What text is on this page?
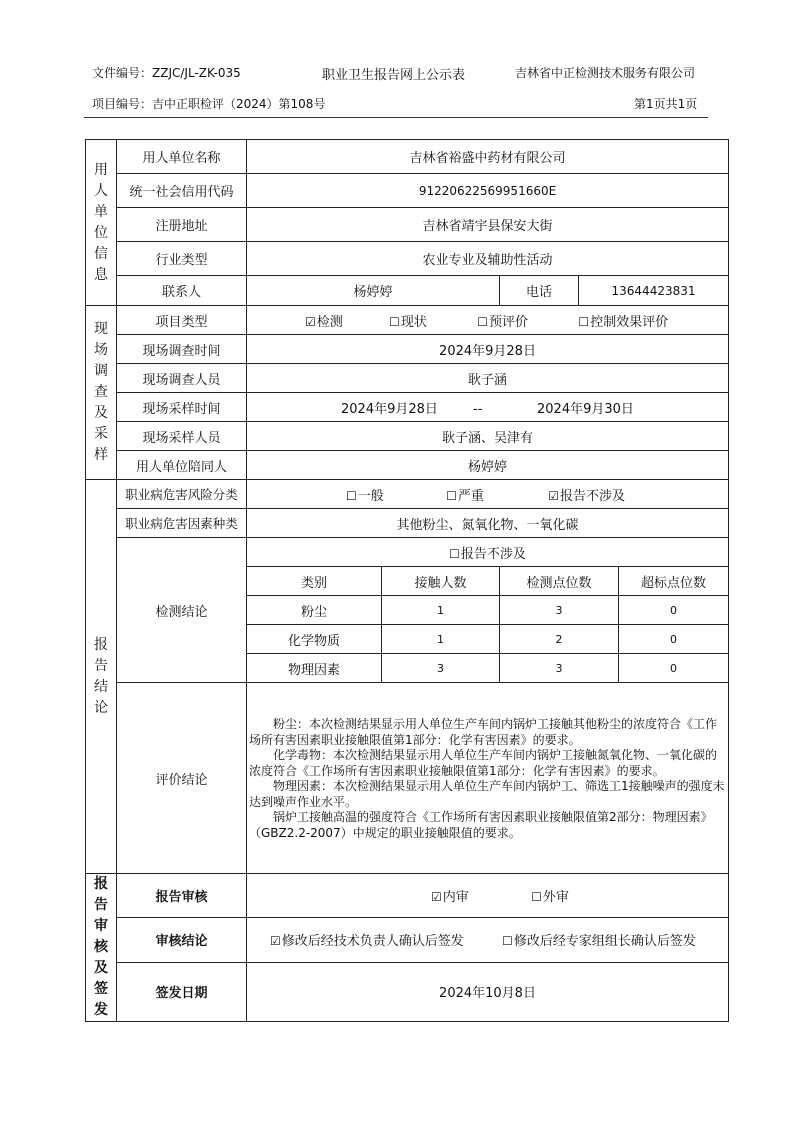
文件编号：ZZJC/JL-ZK-035	职业卫生报告网上公示表	吉林省中正检测技术服务有限公司
项目编号：吉中正职检评（2024）第108号	第1页共1页
用人单位信息	用人单位名称	吉林省裕盛中药材有限公司				
	统一社会信用代码	91220622569951660E				
	注册地址	吉林省靖宇县保安大街				
	行业类型	农业专业及辅助性活动				
	联系人	杨婷婷		电话	13644423831	
现场调查及采样	项目类型	☑检测 ☐现状 ☐预评价 ☐控制效果评价				
	现场调查时间	2024年9月28日				
	现场调查人员	耿子涵				
	现场采样时间	2024年9月28日 -- 2024年9月30日				
	现场采样人员	耿子涵、吴津有				
	用人单位陪同人	杨婷婷				
报告结论	职业病危害风险分类	☐一般 ☐严重 ☑报告不涉及				
	职业病危害因素种类	其他粉尘、氮氧化物、一氧化碳				
	检测结论	☐报告不涉及				
		类别	接触人数	检测点位数		超标点位数
		粉尘	1	3		0
		化学物质	1	2		0
		物理因素	3	3		0
	评价结论	粉尘：本次检测结果显示用人单位生产车间内锅炉工接触其他粉尘的浓度符合《工作场所有害因素职业接触限值第1部分：化学有害因素》的要求。

化学毒物：本次检测结果显示用人单位生产车间内锅炉工接触氮氧化物、一氧化碳的浓度符合《工作场所有害因素职业接触限值第1部分：化学有害因素》的要求。

物理因素：本次检测结果显示用人单位生产车间内锅炉工、筛选工1接触噪声的强度未达到噪声作业水平。

锅炉工接触高温的强度符合《工作场所有害因素职业接触限值第2部分：物理因素》（GBZ2.2-2007）中规定的职业接触限值的要求。				

报告审核及签发	报告审核	☑内审 ☐外审				
	审核结论	☑修改后经技术负责人确认后签发 ☐修改后经专家组组长确认后签发				
	签发日期	2024年10月8日				
